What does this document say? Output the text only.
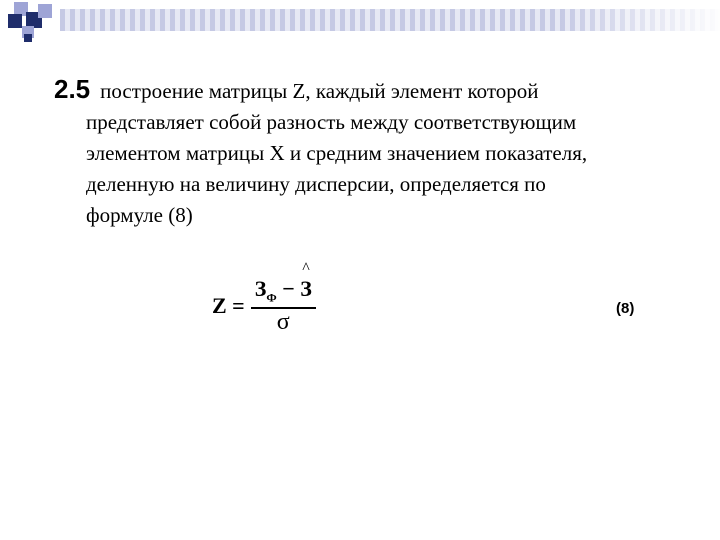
2.5 построение матрицы Z, каждый элемент которой
представляет собой разность между соответствующим
элементом матрицы X и средним значением показателя,
деленную на величину дисперсии, определяется по
формуле (8)
$Z = \frac{З_Ф - \^{} З}{\sigma}$	(8)
